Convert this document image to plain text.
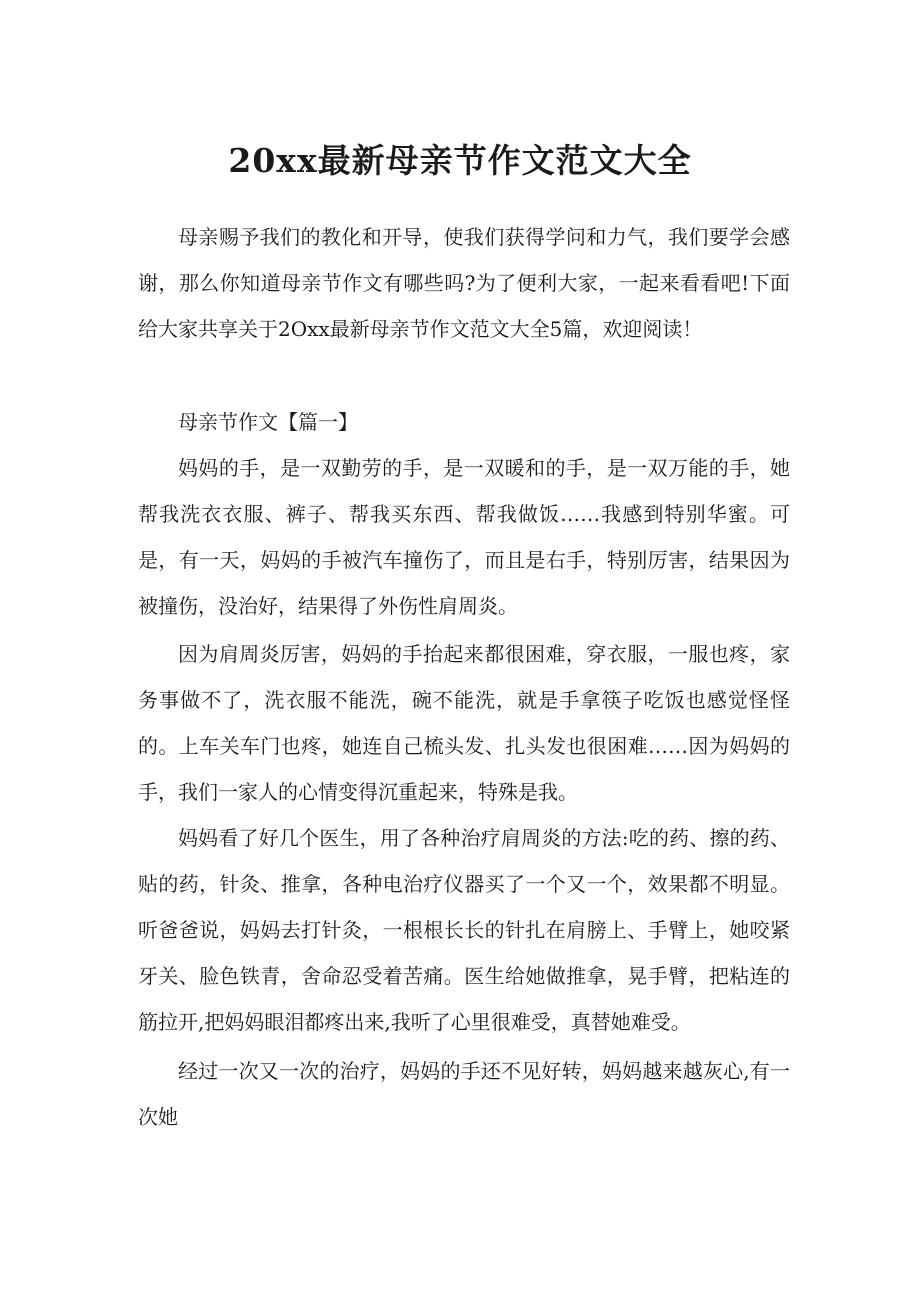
20xx最新母亲节作文范文大全

母亲赐予我们的教化和开导，使我们获得学问和力气，我们要学会感谢，那么你知道母亲节作文有哪些吗?为了便利大家，一起来看看吧!下面给大家共享关于2Oxx最新母亲节作文范文大全5篇，欢迎阅读！

母亲节作文【篇一】

妈妈的手，是一双勤劳的手，是一双暖和的手，是一双万能的手，她帮我洗衣衣服、裤子、帮我买东西、帮我做饭……我感到特别华蜜。可是，有一天，妈妈的手被汽车撞伤了，而且是右手，特别厉害，结果因为被撞伤，没治好，结果得了外伤性肩周炎。

因为肩周炎厉害，妈妈的手抬起来都很困难，穿衣服，一服也疼，家务事做不了，洗衣服不能洗，碗不能洗，就是手拿筷子吃饭也感觉怪怪的。上车关车门也疼，她连自己梳头发、扎头发也很困难……因为妈妈的手，我们一家人的心情变得沉重起来，特殊是我。

妈妈看了好几个医生，用了各种治疗肩周炎的方法:吃的药、擦的药、贴的药，针灸、推拿，各种电治疗仪器买了一个又一个，效果都不明显。听爸爸说，妈妈去打针灸，一根根长长的针扎在肩膀上、手臂上，她咬紧牙关、脸色铁青，舍命忍受着苦痛。医生给她做推拿，晃手臂，把粘连的筋拉开,把妈妈眼泪都疼出来,我听了心里很难受，真替她难受。

经过一次又一次的治疗，妈妈的手还不见好转，妈妈越来越灰心,有一次她
